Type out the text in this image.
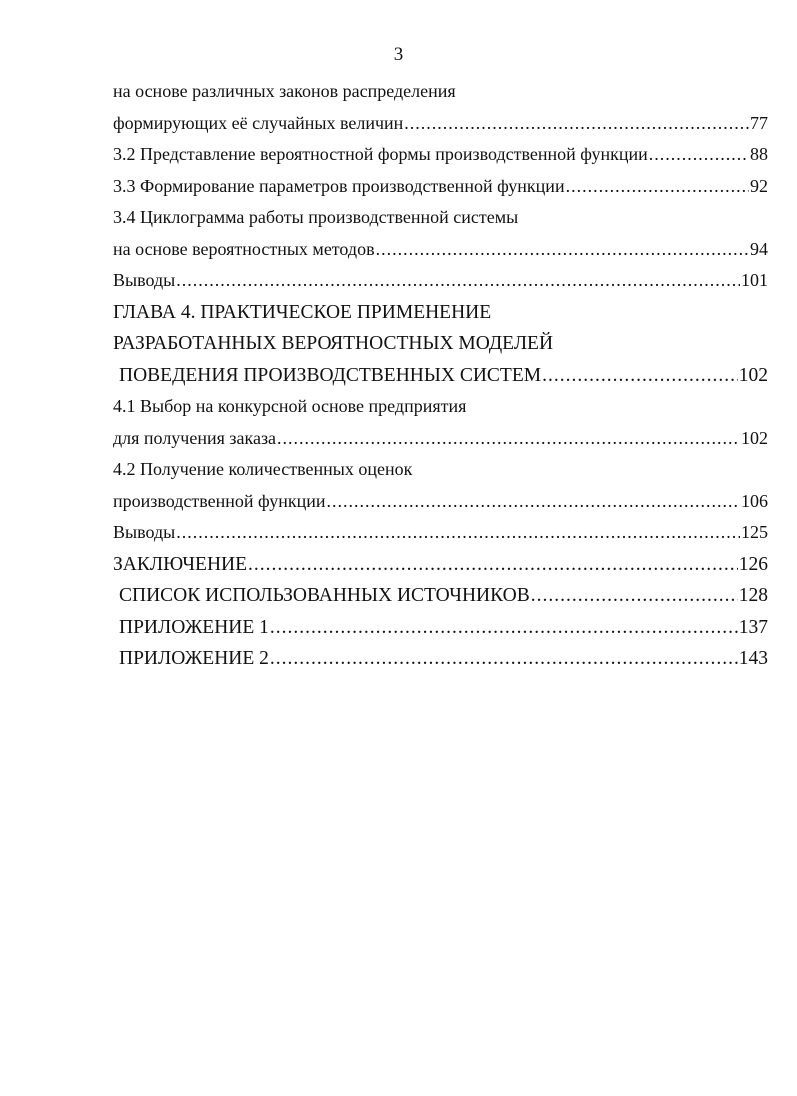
3
на основе различных законов распределения
формирующих её случайных величин .....	77
3.2 Представление вероятностной формы производственной функции .....	88
3.3 Формирование параметров производственной функции .....	92
3.4 Циклограмма работы производственной системы
на основе вероятностных методов .....	94
Выводы .....	101
ГЛАВА 4. ПРАКТИЧЕСКОЕ ПРИМЕНЕНИЕ
РАЗРАБОТАННЫХ ВЕРОЯТНОСТНЫХ МОДЕЛЕЙ
ПОВЕДЕНИЯ ПРОИЗВОДСТВЕННЫХ СИСТЕМ .....	102
4.1 Выбор на конкурсной основе предприятия
для получения заказа .....	102
4.2 Получение количественных оценок
производственной функции .....	106
Выводы .....	125
ЗАКЛЮЧЕНИЕ .....	126
СПИСОК ИСПОЛЬЗОВАННЫХ ИСТОЧНИКОВ .....	128
ПРИЛОЖЕНИЕ 1 .....	137
ПРИЛОЖЕНИЕ 2 .....	143
